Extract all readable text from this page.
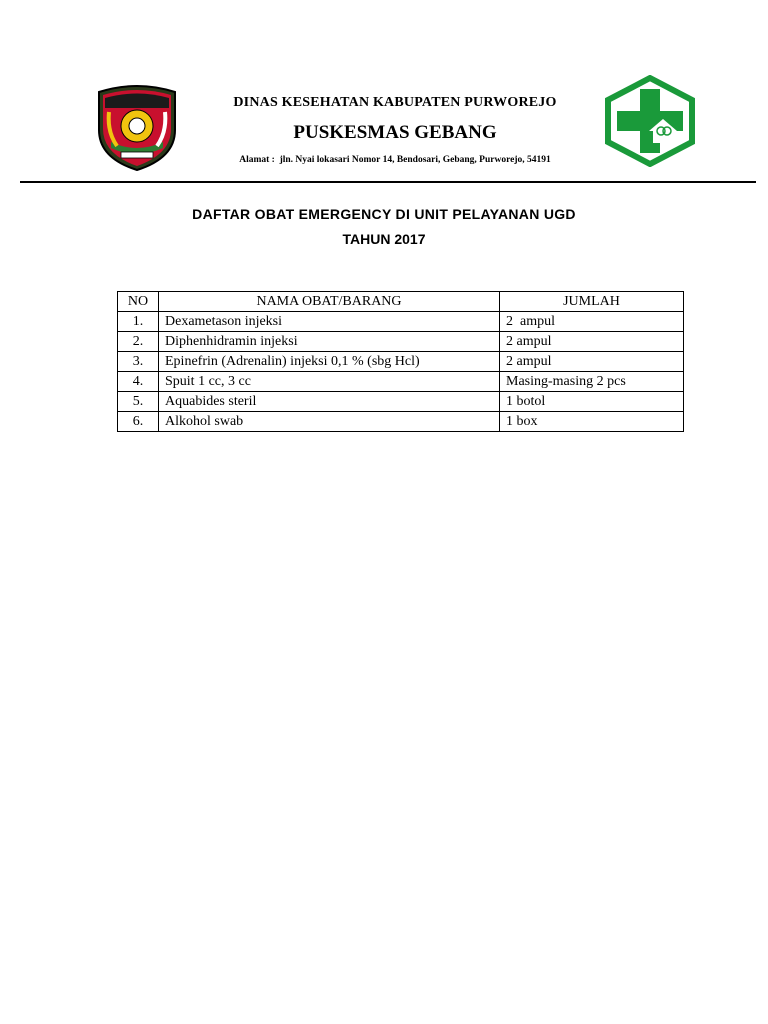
DINAS KESEHATAN KABUPATEN PURWOREJO
PUSKESMAS GEBANG
Alamat :  jln. Nyai lokasari Nomor 14, Bendosari, Gebang, Purworejo, 54191
DAFTAR OBAT EMERGENCY DI UNIT PELAYANAN UGD
TAHUN 2017
NO	NAMA OBAT/BARANG	JUMLAH
1.	Dexametason injeksi	2  ampul
2.	Diphenhidramin injeksi	2 ampul
3.	Epinefrin (Adrenalin) injeksi 0,1 % (sbg Hcl)	2 ampul
4.	Spuit 1 cc, 3 cc	Masing-masing 2 pcs
5.	Aquabides steril	1 botol
6.	Alkohol swab	1 box
